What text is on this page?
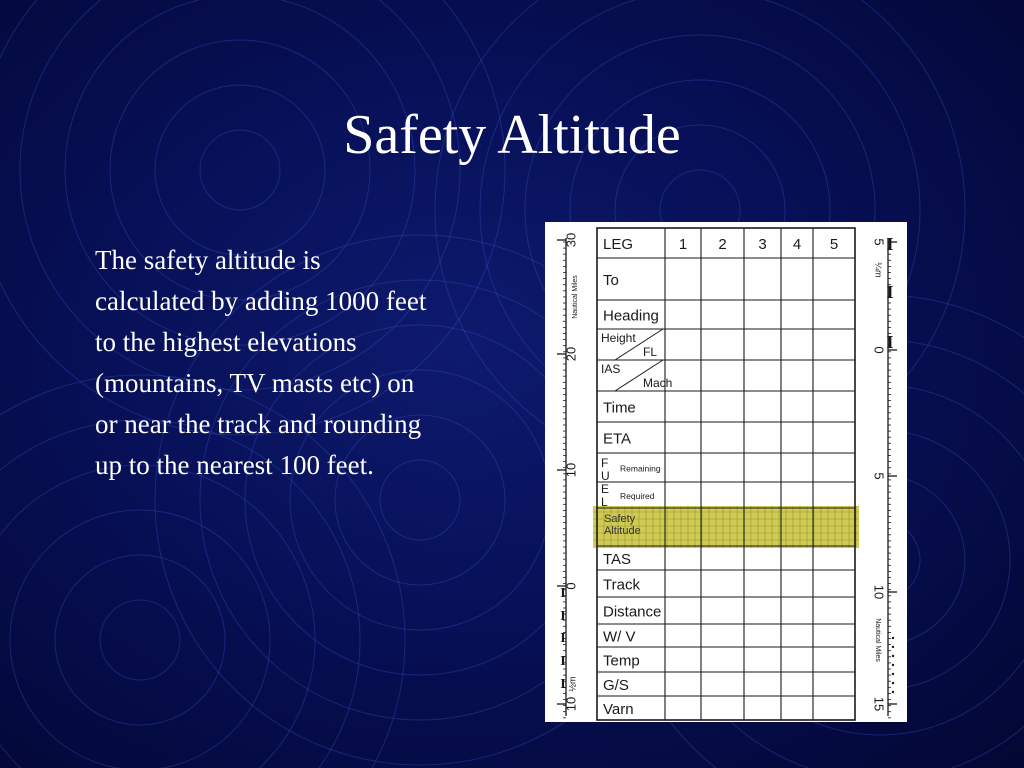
Safety Altitude
The safety altitude is calculated by adding 1000 feet to the highest elevations (mountains, TV masts etc) on or near the track and rounding up to the nearest 100 feet.
LEG	1 2 3 4 5
To
Heading
Height
FL
IAS
Mach
Time
ETA
Remaining
Required
Safety
Altitude
TAS
Track
Distance
W/ V
Temp
G/S
Varn
F
U
E
L
30
20
10
0
10
Nautical Miles
½m
I
I
I
I
I
5
0
5
10
15
Nautical Miles
¼m
I
I
I
